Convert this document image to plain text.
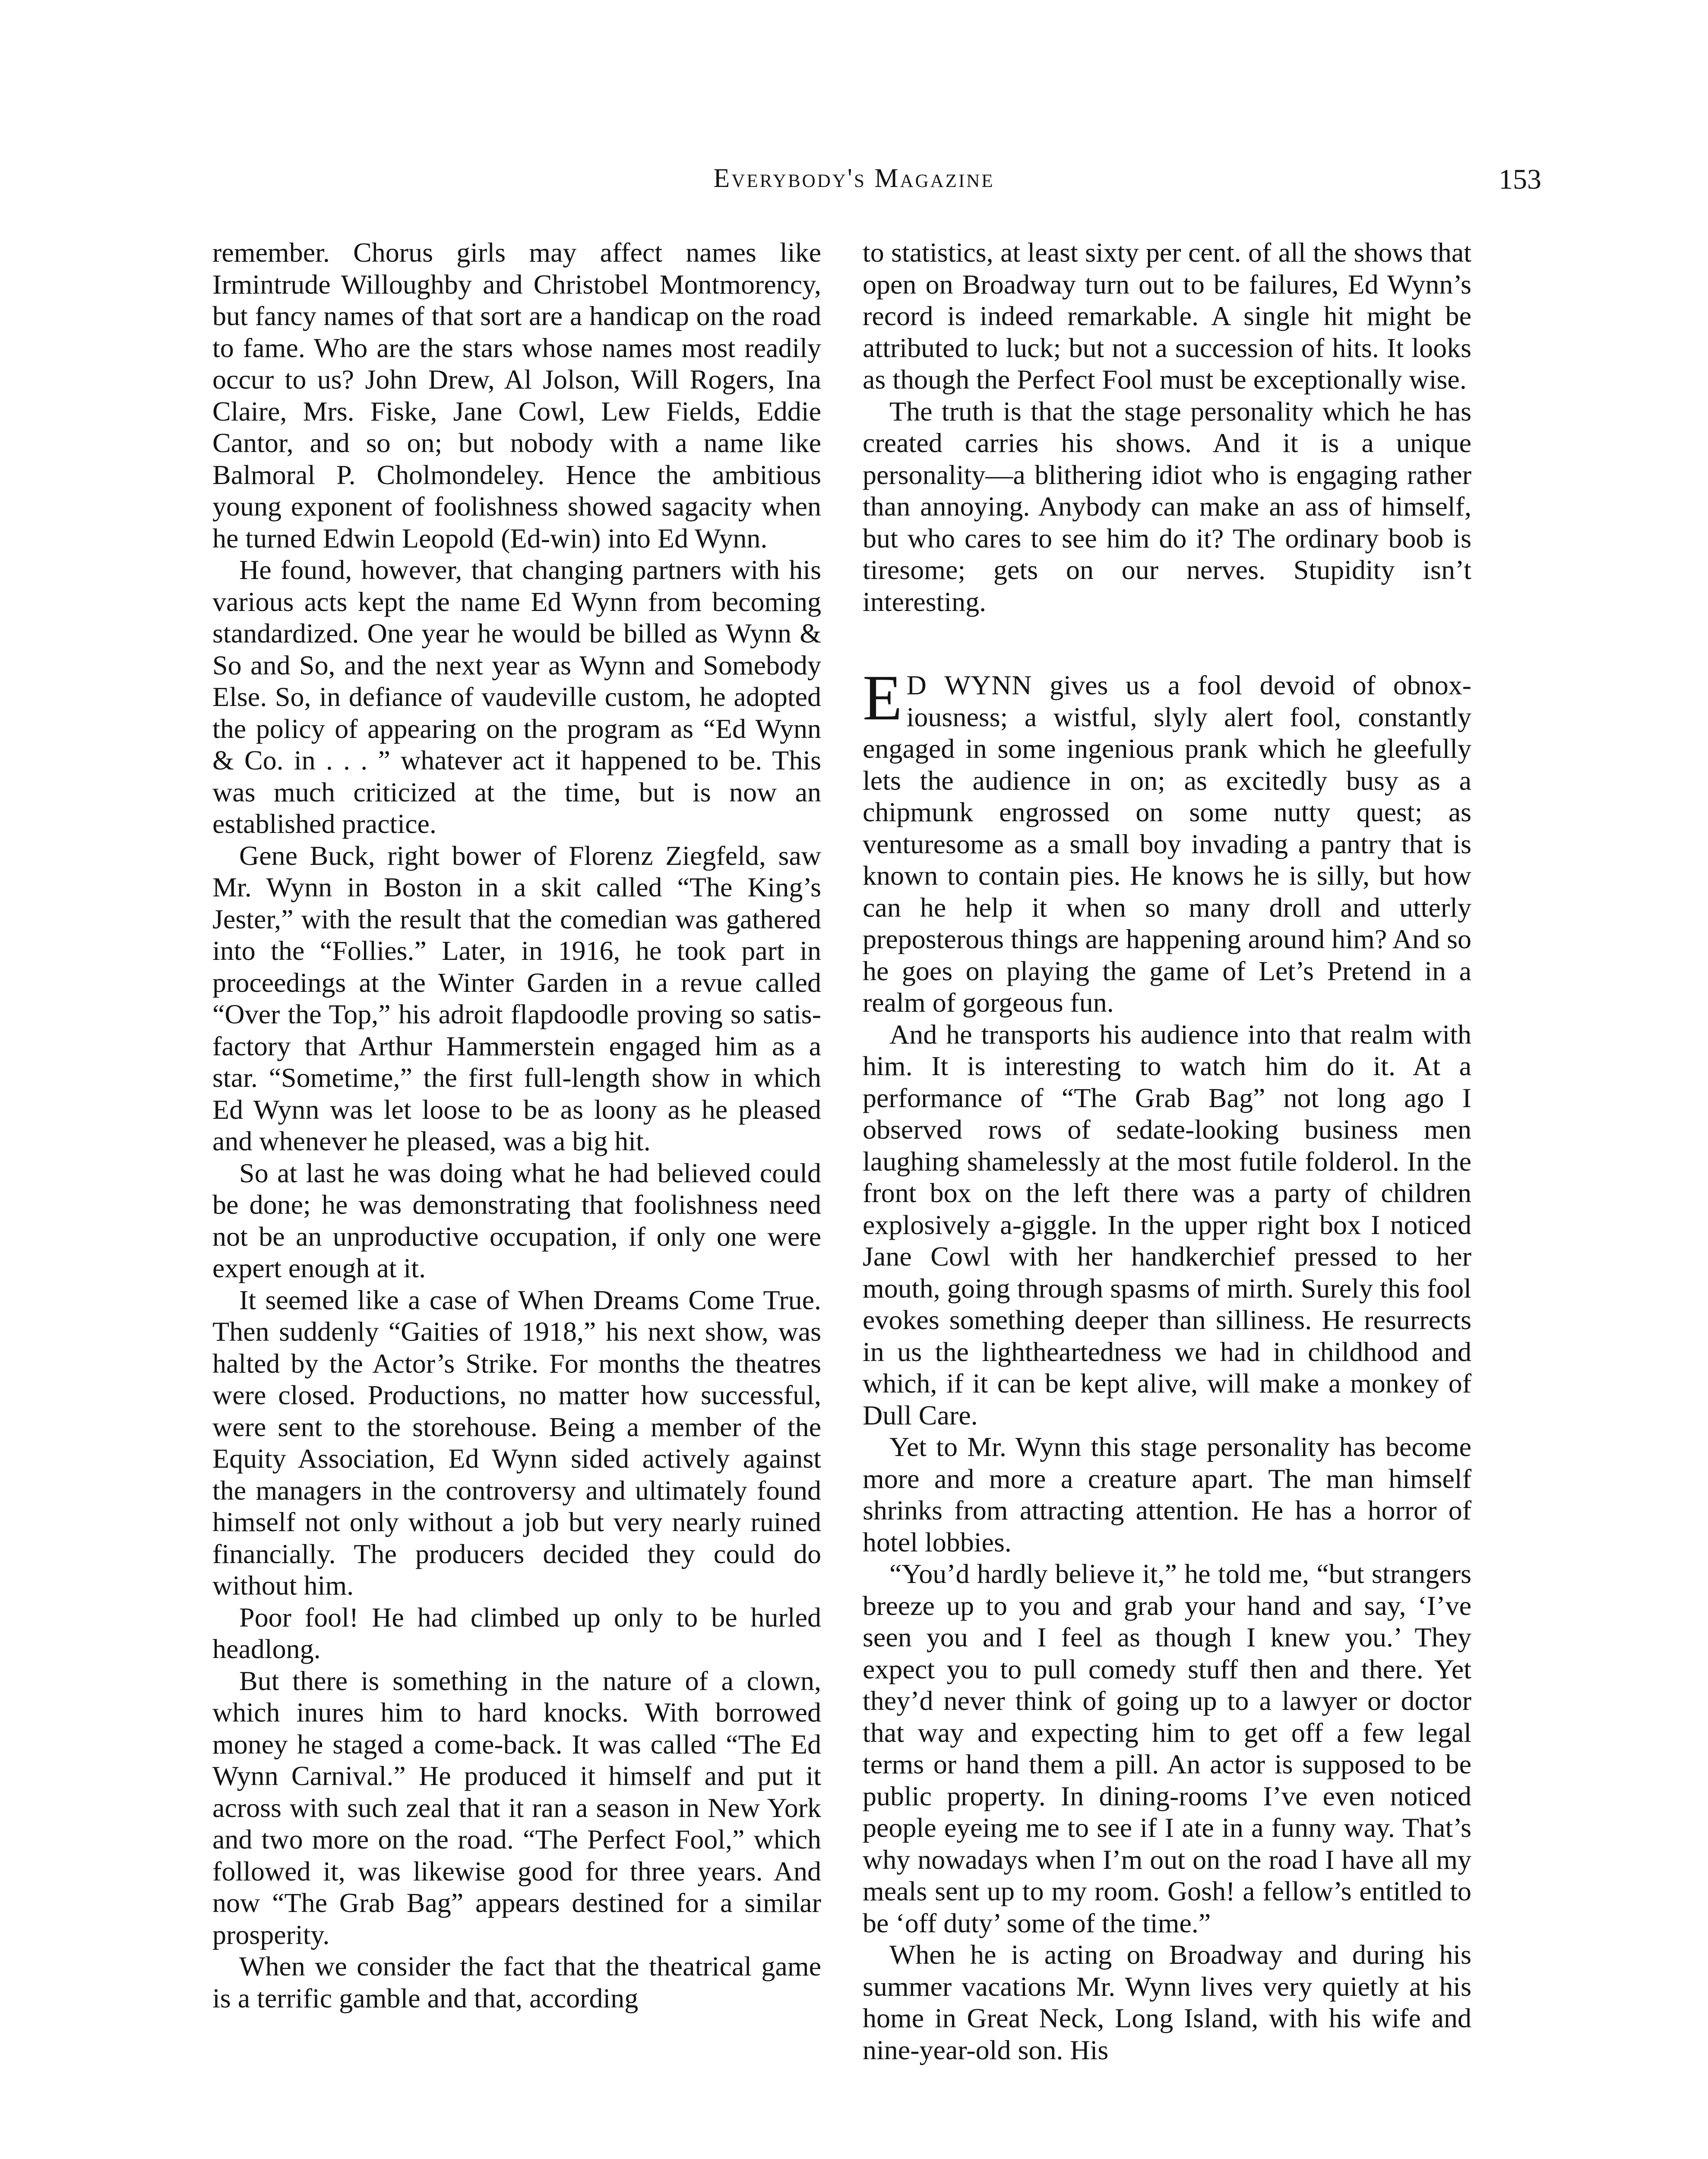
Everybody's Magazine	153

remember. Chorus girls may affect names like Irmintrude Willoughby and Christobel Montmorency, but fancy names of that sort are a handicap on the road to fame. Who are the stars whose names most readily occur to us? John Drew, Al Jolson, Will Rogers, Ina Claire, Mrs. Fiske, Jane Cowl, Lew Fields, Eddie Cantor, and so on; but nobody with a name like Balmoral P. Cholmondeley. Hence the ambitious young exponent of foolishness showed sagacity when he turned Edwin Leopold (Ed-win) into Ed Wynn.

He found, however, that changing partners with his various acts kept the name Ed Wynn from becoming standardized. One year he would be billed as Wynn & So and So, and the next year as Wynn and Somebody Else. So, in defiance of vaudeville custom, he adopted the policy of appearing on the program as “Ed Wynn & Co. in . . . ” whatever act it happened to be. This was much criticized at the time, but is now an established practice.

Gene Buck, right bower of Florenz Ziegfeld, saw Mr. Wynn in Boston in a skit called “The King’s Jester,” with the result that the comedian was gathered into the “Follies.” Later, in 1916, he took part in proceedings at the Winter Garden in a revue called “Over the Top,” his adroit flapdoodle proving so satisfactory that Arthur Hammerstein engaged him as a star. “Sometime,” the first full-length show in which Ed Wynn was let loose to be as loony as he pleased and whenever he pleased, was a big hit.

So at last he was doing what he had believed could be done; he was demonstrating that foolishness need not be an unproductive occupation, if only one were expert enough at it.

It seemed like a case of When Dreams Come True. Then suddenly “Gaities of 1918,” his next show, was halted by the Actor’s Strike. For months the theatres were closed. Productions, no matter how successful, were sent to the storehouse. Being a member of the Equity Association, Ed Wynn sided actively against the managers in the controversy and ultimately found himself not only without a job but very nearly ruined financially. The producers decided they could do without him.

Poor fool! He had climbed up only to be hurled headlong.

But there is something in the nature of a clown, which inures him to hard knocks. With borrowed money he staged a come-back. It was called “The Ed Wynn Carnival.” He produced it himself and put it across with such zeal that it ran a season in New York and two more on the road. “The Perfect Fool,” which followed it, was likewise good for three years. And now “The Grab Bag” appears destined for a similar prosperity.

When we consider the fact that the theatrical game is a terrific gamble and that, according

to statistics, at least sixty per cent. of all the shows that open on Broadway turn out to be failures, Ed Wynn’s record is indeed remarkable. A single hit might be attributed to luck; but not a succession of hits. It looks as though the Perfect Fool must be exceptionally wise.

The truth is that the stage personality which he has created carries his shows. And it is a unique personality—a blithering idiot who is engaging rather than annoying. Anybody can make an ass of himself, but who cares to see him do it? The ordinary boob is tiresome; gets on our nerves. Stupidity isn’t interesting.

E D WYNN gives us a fool devoid of obnoxiousness; a wistful, slyly alert fool, constantly engaged in some ingenious prank which he gleefully lets the audience in on; as excitedly busy as a chipmunk engrossed on some nutty quest; as venturesome as a small boy invading a pantry that is known to contain pies. He knows he is silly, but how can he help it when so many droll and utterly preposterous things are happening around him? And so he goes on playing the game of Let’s Pretend in a realm of gorgeous fun.

And he transports his audience into that realm with him. It is interesting to watch him do it. At a performance of “The Grab Bag” not long ago I observed rows of sedate-looking business men laughing shamelessly at the most futile folderol. In the front box on the left there was a party of children explosively a-giggle. In the upper right box I noticed Jane Cowl with her handkerchief pressed to her mouth, going through spasms of mirth. Surely this fool evokes something deeper than silliness. He resurrects in us the lightheartedness we had in childhood and which, if it can be kept alive, will make a monkey of Dull Care.

Yet to Mr. Wynn this stage personality has become more and more a creature apart. The man himself shrinks from attracting attention. He has a horror of hotel lobbies.

“You’d hardly believe it,” he told me, “but strangers breeze up to you and grab your hand and say, ‘I’ve seen you and I feel as though I knew you.’ They expect you to pull comedy stuff then and there. Yet they’d never think of going up to a lawyer or doctor that way and expecting him to get off a few legal terms or hand them a pill. An actor is supposed to be public property. In dining-rooms I’ve even noticed people eyeing me to see if I ate in a funny way. That’s why nowadays when I’m out on the road I have all my meals sent up to my room. Gosh! a fellow’s entitled to be ‘off duty’ some of the time.”

When he is acting on Broadway and during his summer vacations Mr. Wynn lives very quietly at his home in Great Neck, Long Island, with his wife and nine-year-old son. His
